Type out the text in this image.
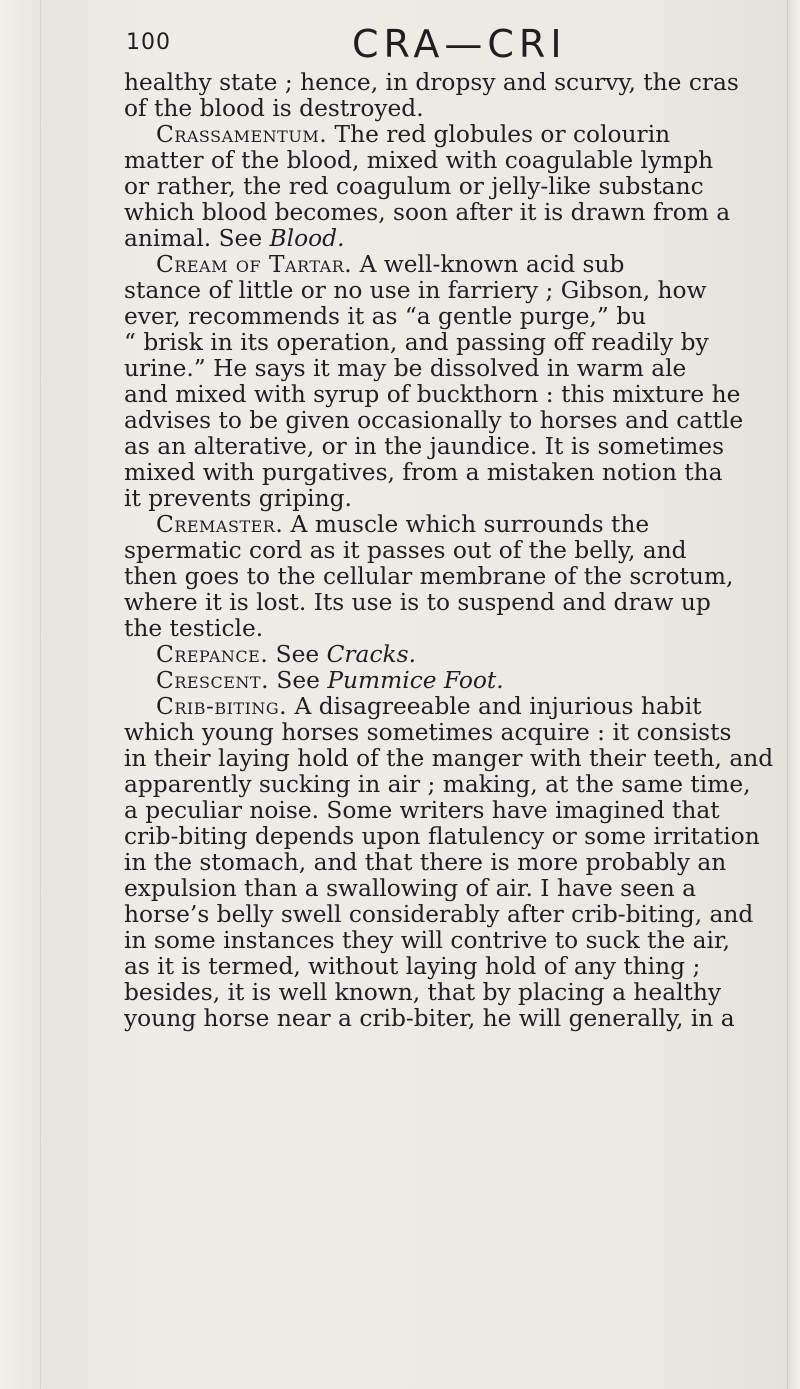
100	CRA—CRI
healthy state ; hence, in dropsy and scurvy, the cras
of the blood is destroyed.
Crassamentum. The red globules or colourin
matter of the blood, mixed with coagulable lymph
or rather, the red coagulum or jelly-like substanc
which blood becomes, soon after it is drawn from a
animal. See Blood.
Cream of Tartar. A well-known acid sub
stance of little or no use in farriery ; Gibson, how
ever, recommends it as “a gentle purge,” bu
“ brisk in its operation, and passing off readily by
urine.” He says it may be dissolved in warm ale
and mixed with syrup of buckthorn : this mixture he
advises to be given occasionally to horses and cattle
as an alterative, or in the jaundice. It is sometimes
mixed with purgatives, from a mistaken notion tha
it prevents griping.
Cremaster. A muscle which surrounds the
spermatic cord as it passes out of the belly, and
then goes to the cellular membrane of the scrotum,
where it is lost. Its use is to suspend and draw up
the testicle.
Crepance. See Cracks.
Crescent. See Pummice Foot.
Crib-biting. A disagreeable and injurious habit
which young horses sometimes acquire : it consists
in their laying hold of the manger with their teeth, and
apparently sucking in air ; making, at the same time,
a peculiar noise. Some writers have imagined that
crib-biting depends upon flatulency or some irritation
in the stomach, and that there is more probably an
expulsion than a swallowing of air. I have seen a
horse’s belly swell considerably after crib-biting, and
in some instances they will contrive to suck the air,
as it is termed, without laying hold of any thing ;
besides, it is well known, that by placing a healthy
young horse near a crib-biter, he will generally, in a
